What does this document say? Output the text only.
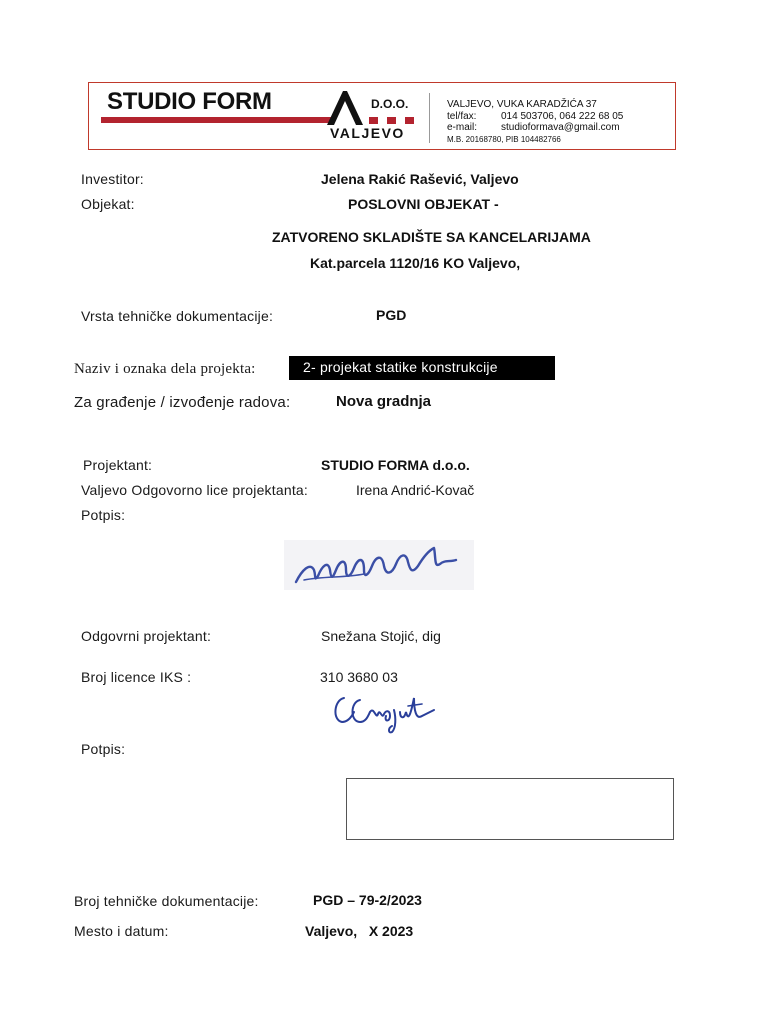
STUDIO FORM	D.O.O.
VALJEVO
VALJEVO, VUKA KARADŽIĆA 37
tel/fax: 014 503706, 064 222 68 05
e-mail: studioformava@gmail.com
M.B. 20168780, PIB 104482766
Investitor:	Jelena Rakić Rašević, Valjevo
Objekat:	POSLOVNI OBJEKAT -
ZATVORENO SKLADIŠTE SA KANCELARIJAMA
Kat.parcela 1120/16 KO Valjevo,
Vrsta tehničke dokumentacije:	PGD
Naziv i oznaka dela projekta:	2- projekat statike konstrukcije
Za građenje / izvođenje radova:	Nova gradnja
Projektant:	STUDIO FORMA d.o.o.
Valjevo Odgovorno lice projektanta:	Irena Andrić-Kovač
Potpis:
Odgovrni projektant:	Snežana Stojić, dig
Broj licence IKS :	310 3680 03
Potpis:
Broj tehničke dokumentacije:	PGD – 79-2/2023
Mesto i datum:	Valjevo,   X 2023
